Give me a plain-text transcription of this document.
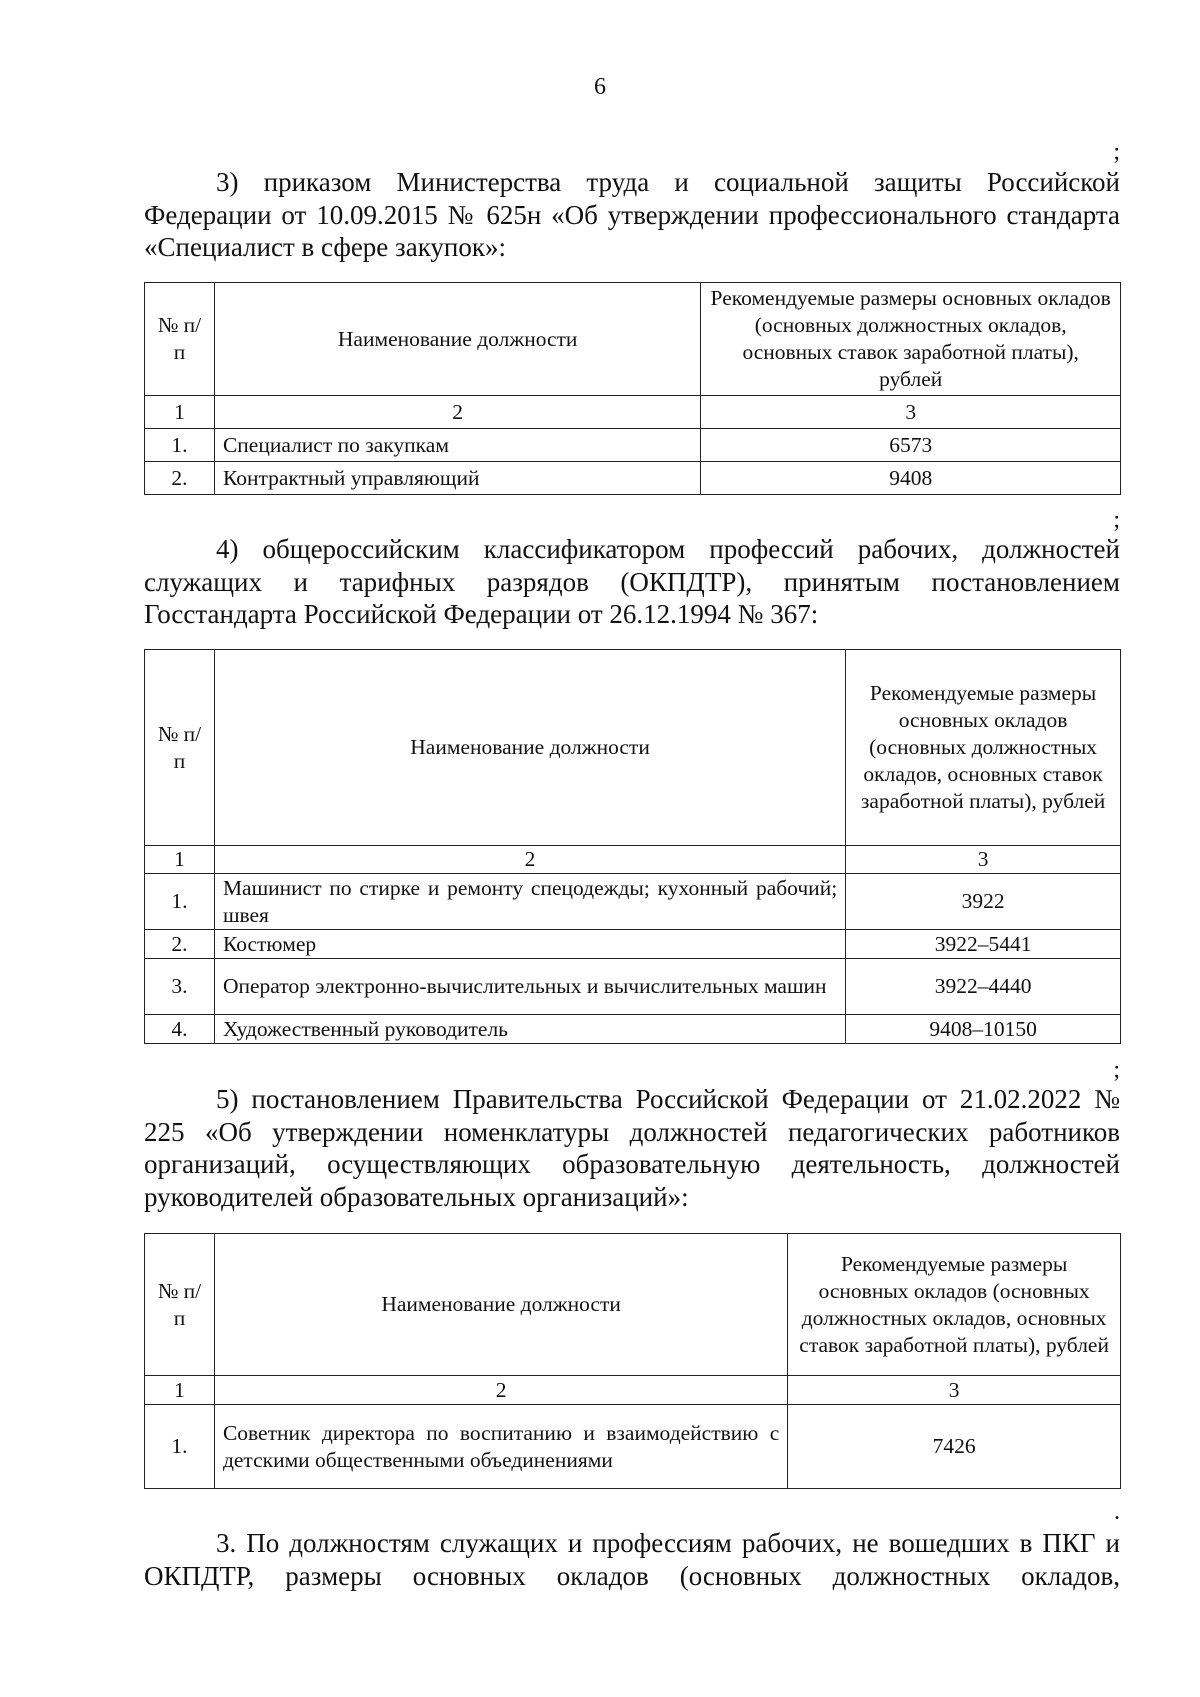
6
;
3) приказом Министерства труда и социальной защиты Российской Федерации от 10.09.2015 № 625н «Об утверждении профессионального стандарта «Специалист в сфере закупок»:
№ п/п	Наименование должности	Рекомендуемые размеры основных окладов (основных должностных окладов, основных ставок заработной платы), рублей
1	2	3
1.	Специалист по закупкам	6573
2.	Контрактный управляющий	9408
;
4) общероссийским классификатором профессий рабочих, должностей служащих и тарифных разрядов (ОКПДТР), принятым постановлением Госстандарта Российской Федерации от 26.12.1994 № 367:
№ п/п	Наименование должности	Рекомендуемые размеры основных окладов (основных должностных окладов, основных ставок заработной платы), рублей
1	2	3
1.	Машинист по стирке и ремонту спецодежды; кухонный рабочий; швея	3922
2.	Костюмер	3922–5441
3.	Оператор электронно-вычислительных и вычислительных машин	3922–4440
4.	Художественный руководитель	9408–10150
;
5) постановлением Правительства Российской Федерации от 21.02.2022 № 225 «Об утверждении номенклатуры должностей педагогических работников организаций, осуществляющих образовательную деятельность, должностей руководителей образовательных организаций»:
№ п/п	Наименование должности	Рекомендуемые размеры основных окладов (основных должностных окладов, основных ставок заработной платы), рублей
1	2	3
1.	Советник директора по воспитанию и взаимодействию с детскими общественными объединениями	7426
.
3. По должностям служащих и профессиям рабочих, не вошедших в ПКГ и ОКПДТР, размеры основных окладов (основных должностных окладов,
